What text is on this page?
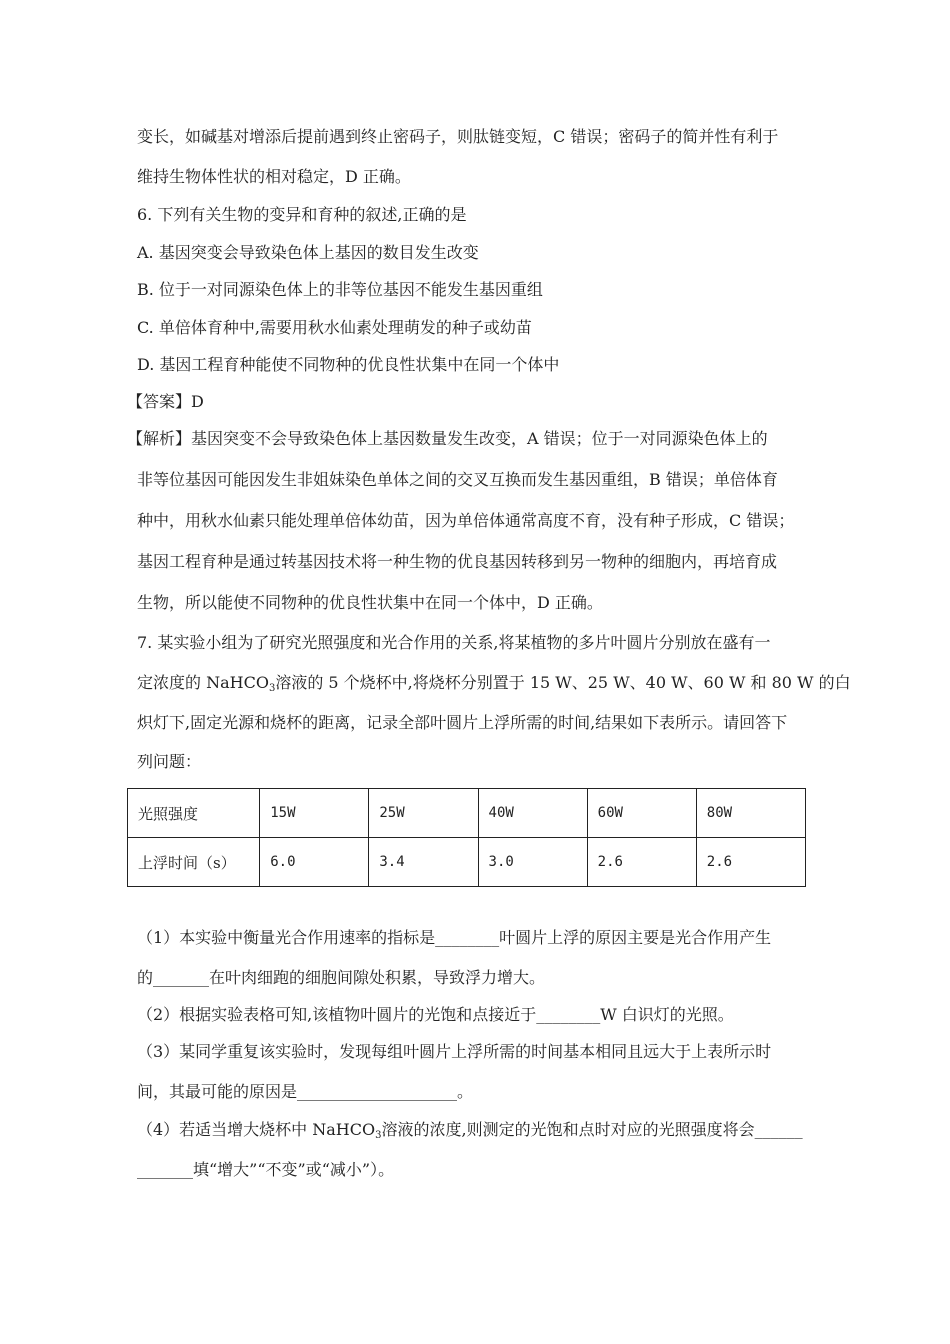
变长，如碱基对增添后提前遇到终止密码子，则肽链变短，C 错误；密码子的简并性有利于
维持生物体性状的相对稳定，D 正确。
6. 下列有关生物的变异和育种的叙述,正确的是
A. 基因突变会导致染色体上基因的数目发生改变
B. 位于一对同源染色体上的非等位基因不能发生基因重组
C. 单倍体育种中,需要用秋水仙素处理萌发的种子或幼苗
D. 基因工程育种能使不同物种的优良性状集中在同一个体中
【答案】D
【解析】基因突变不会导致染色体上基因数量发生改变，A 错误；位于一对同源染色体上的
非等位基因可能因发生非姐妹染色单体之间的交叉互换而发生基因重组，B 错误；单倍体育
种中，用秋水仙素只能处理单倍体幼苗，因为单倍体通常高度不育，没有种子形成，C 错误；
基因工程育种是通过转基因技术将一种生物的优良基因转移到另一物种的细胞内，再培育成
生物，所以能使不同物种的优良性状集中在同一个体中，D 正确。
7. 某实验小组为了研究光照强度和光合作用的关系,将某植物的多片叶圆片分别放在盛有一
定浓度的 NaHCO$_3$溶液的 5 个烧杯中,将烧杯分别置于 15 W、25 W、40 W、60 W 和 80 W 的白
炽灯下,固定光源和烧杯的距离，记录全部叶圆片上浮所需的时间,结果如下表所示。请回答下
列问题：
光照强度	15W	25W	40W	60W	80W
上浮时间（s）	6.0	3.4	3.0	2.6	2.6
（1）本实验中衡量光合作用速率的指标是________叶圆片上浮的原因主要是光合作用产生
的_______在叶肉细跑的细胞间隙处积累，导致浮力增大。
（2）根据实验表格可知,该植物叶圆片的光饱和点接近于________W 白识灯的光照。
（3）某同学重复该实验时，发现每组叶圆片上浮所需的时间基本相同且远大于上表所示时
间，其最可能的原因是____________________。
（4）若适当增大烧杯中 NaHCO$_3$溶液的浓度,则测定的光饱和点时对应的光照强度将会______
_______填“增大”“不变”或“减小”）。
